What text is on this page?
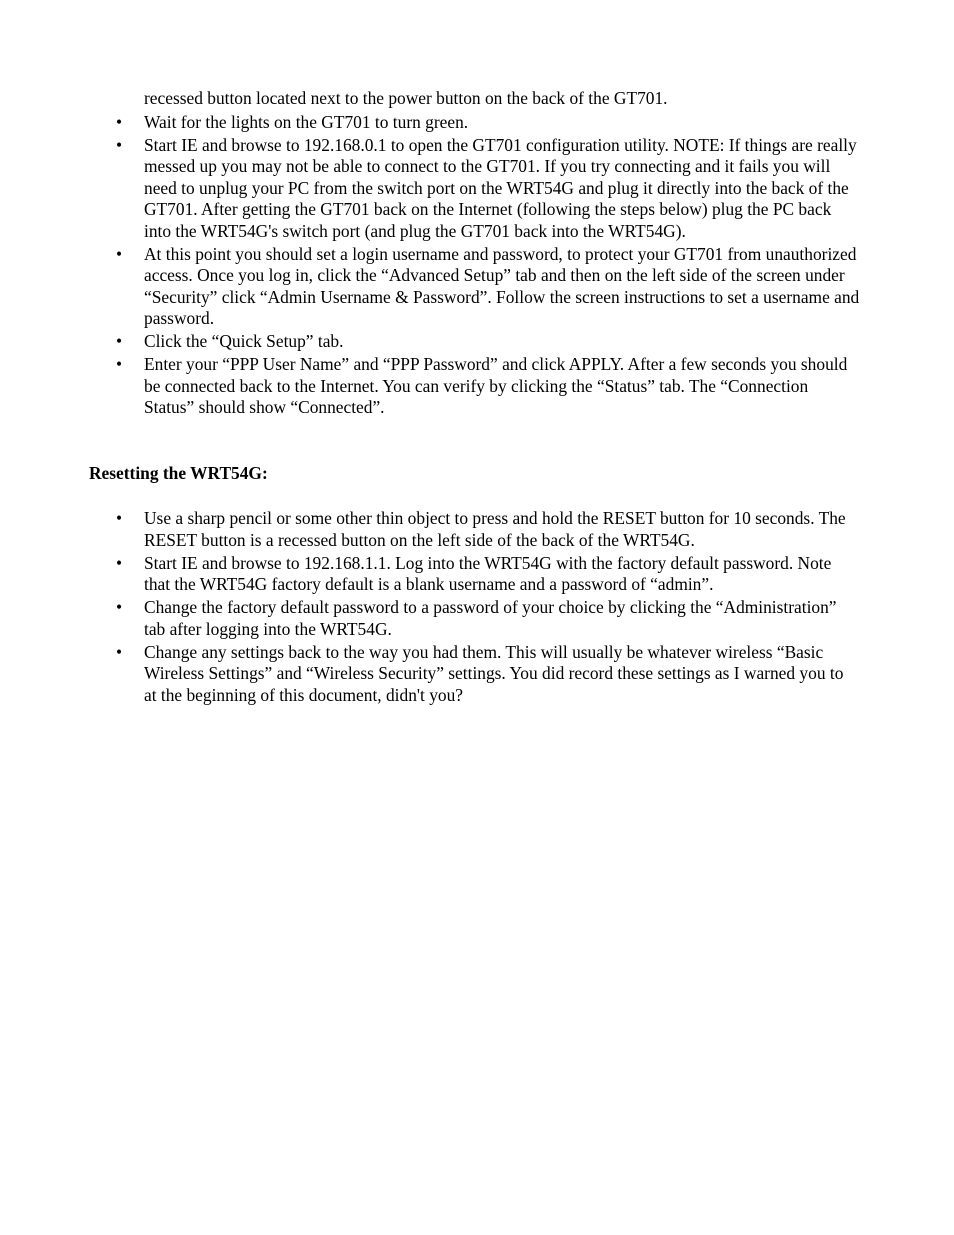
recessed button located next to the power button on the back of the GT701.
•	Wait for the lights on the GT701 to turn green.
•	Start IE and browse to 192.168.0.1 to open the GT701 configuration utility. NOTE: If things are really messed up you may not be able to connect to the GT701. If you try connecting and it fails you will need to unplug your PC from the switch port on the WRT54G and plug it directly into the back of the GT701. After getting the GT701 back on the Internet (following the steps below) plug the PC back into the WRT54G's switch port (and plug the GT701 back into the WRT54G).
•	At this point you should set a login username and password, to protect your GT701 from unauthorized access. Once you log in, click the “Advanced Setup” tab and then on the left side of the screen under “Security” click “Admin Username & Password”. Follow the screen instructions to set a username and password.
•	Click the “Quick Setup” tab.
•	Enter your “PPP User Name” and “PPP Password” and click APPLY. After a few seconds you should be connected back to the Internet. You can verify by clicking the “Status” tab. The “Connection Status” should show “Connected”.

Resetting the WRT54G:

•	Use a sharp pencil or some other thin object to press and hold the RESET button for 10 seconds. The RESET button is a recessed button on the left side of the back of the WRT54G.
•	Start IE and browse to 192.168.1.1. Log into the WRT54G with the factory default password. Note that the WRT54G factory default is a blank username and a password of “admin”.
•	Change the factory default password to a password of your choice by clicking the “Administration” tab after logging into the WRT54G.
•	Change any settings back to the way you had them. This will usually be whatever wireless “Basic Wireless Settings” and “Wireless Security” settings. You did record these settings as I warned you to at the beginning of this document, didn't you?
